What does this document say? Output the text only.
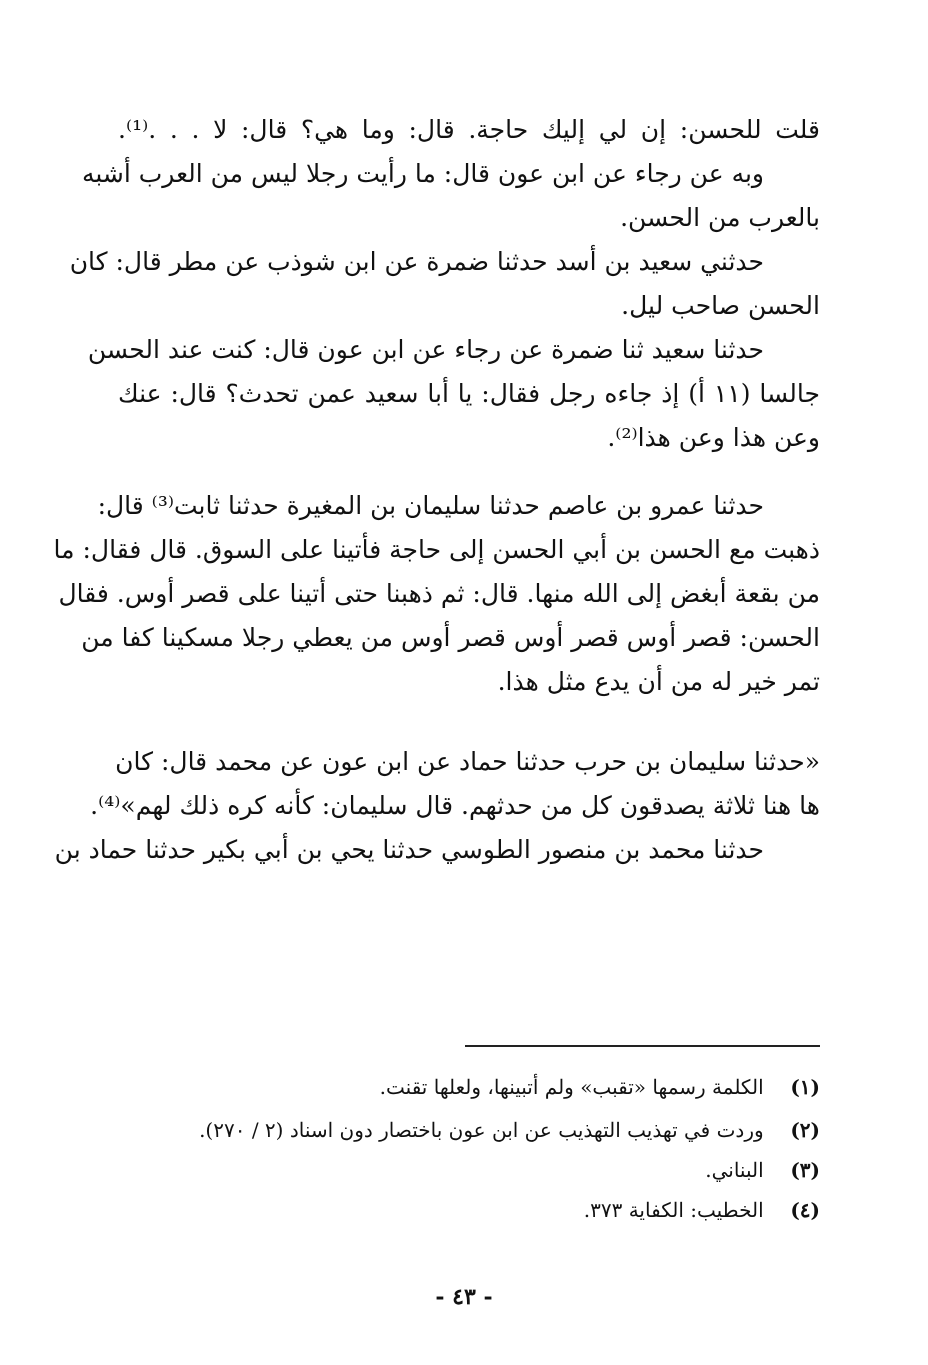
قلت للحسن: إن لي إليك حاجة. قال: وما هي؟ قال: لا . . .⁽¹⁾.
وبه عن رجاء عن ابن عون قال: ما رأيت رجلا ليس من العرب أشبه
بالعرب من الحسن.
حدثني سعيد بن أسد حدثنا ضمرة عن ابن شوذب عن مطر قال: كان
الحسن صاحب ليل.
حدثنا سعيد ثنا ضمرة عن رجاء عن ابن عون قال: كنت عند الحسن
جالسا (١١ أ) إذ جاءه رجل فقال: يا أبا سعيد عمن تحدث؟ قال: عنك
وعن هذا وعن هذا⁽²⁾.
حدثنا عمرو بن عاصم حدثنا سليمان بن المغيرة حدثنا ثابت⁽³⁾ قال:
ذهبت مع الحسن بن أبي الحسن إلى حاجة فأتينا على السوق. قال فقال: ما
من بقعة أبغض إلى الله منها. قال: ثم ذهبنا حتى أتينا على قصر أوس. فقال
الحسن: قصر أوس قصر أوس قصر أوس من يعطي رجلا مسكينا كفا من
تمر خير له من أن يدع مثل هذا.
«حدثنا سليمان بن حرب حدثنا حماد عن ابن عون عن محمد قال: كان
ها هنا ثلاثة يصدقون كل من حدثهم. قال سليمان: كأنه كره ذلك لهم»⁽⁴⁾.
حدثنا محمد بن منصور الطوسي حدثنا يحي بن أبي بكير حدثنا حماد بن
(١) الكلمة رسمها «تقبب» ولم أتبينها، ولعلها تقنت.
(٢) وردت في تهذيب التهذيب عن ابن عون باختصار دون اسناد (٢ / ٢٧٠).
(٣) البناني.
(٤) الخطيب: الكفاية ٣٧٣.
- ٤٣ -
